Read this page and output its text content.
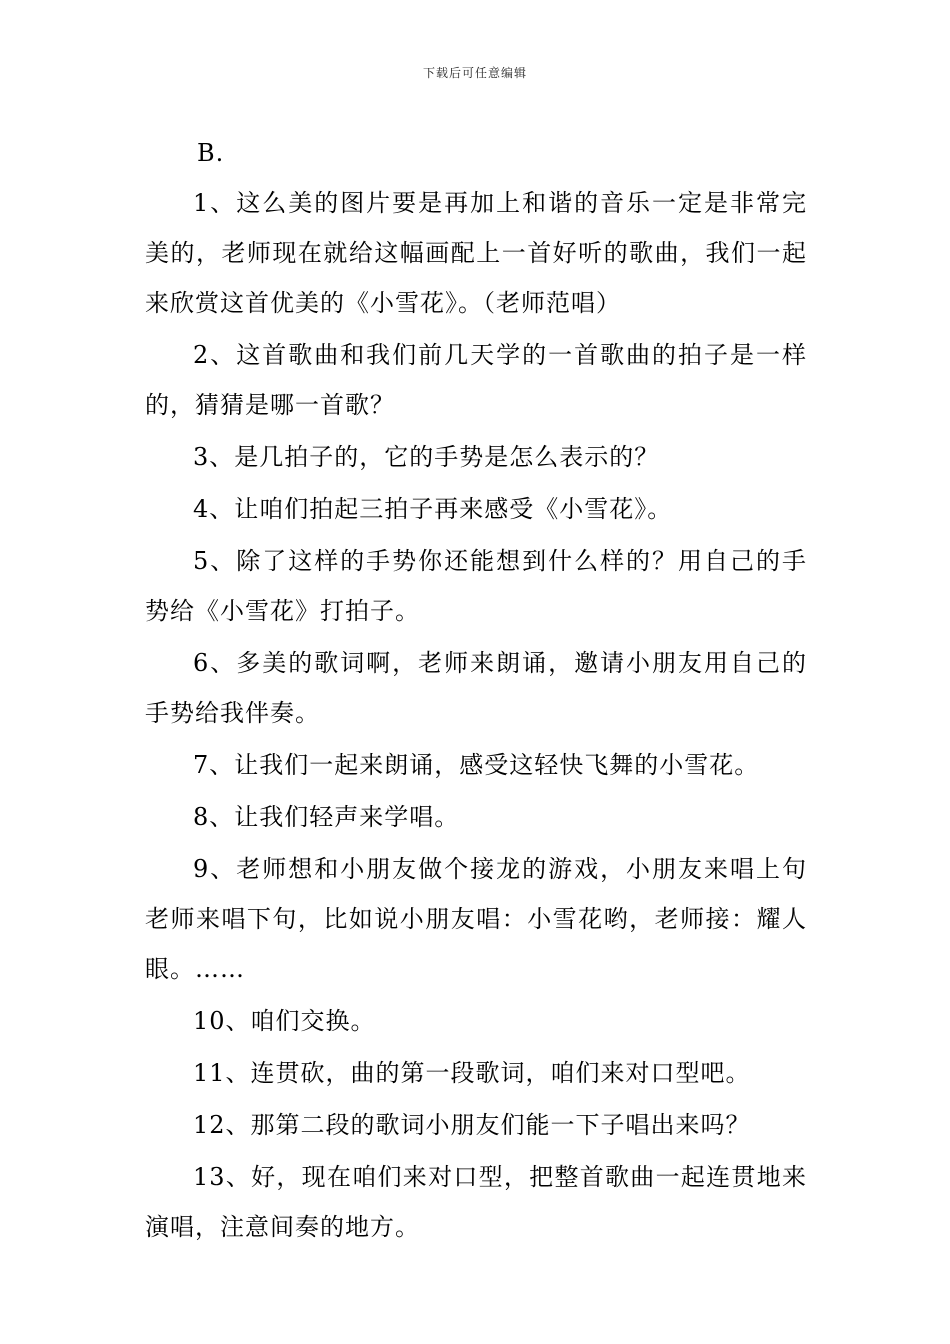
下载后可任意编辑

B.

1、这么美的图片要是再加上和谐的音乐一定是非常完美的，老师现在就给这幅画配上一首好听的歌曲，我们一起来欣赏这首优美的《小雪花》。（老师范唱）

2、这首歌曲和我们前几天学的一首歌曲的拍子是一样的，猜猜是哪一首歌？

3、是几拍子的，它的手势是怎么表示的？

4、让咱们拍起三拍子再来感受《小雪花》。

5、除了这样的手势你还能想到什么样的？用自己的手势给《小雪花》打拍子。

6、多美的歌词啊，老师来朗诵，邀请小朋友用自己的手势给我伴奏。

7、让我们一起来朗诵，感受这轻快飞舞的小雪花。

8、让我们轻声来学唱。

9、老师想和小朋友做个接龙的游戏，小朋友来唱上句老师来唱下句，比如说小朋友唱：小雪花哟，老师接：耀人眼。……

10、咱们交换。

11、连贯砍，曲的第一段歌词，咱们来对口型吧。

12、那第二段的歌词小朋友们能一下子唱出来吗？

13、好，现在咱们来对口型，把整首歌曲一起连贯地来演唱，注意间奏的地方。
